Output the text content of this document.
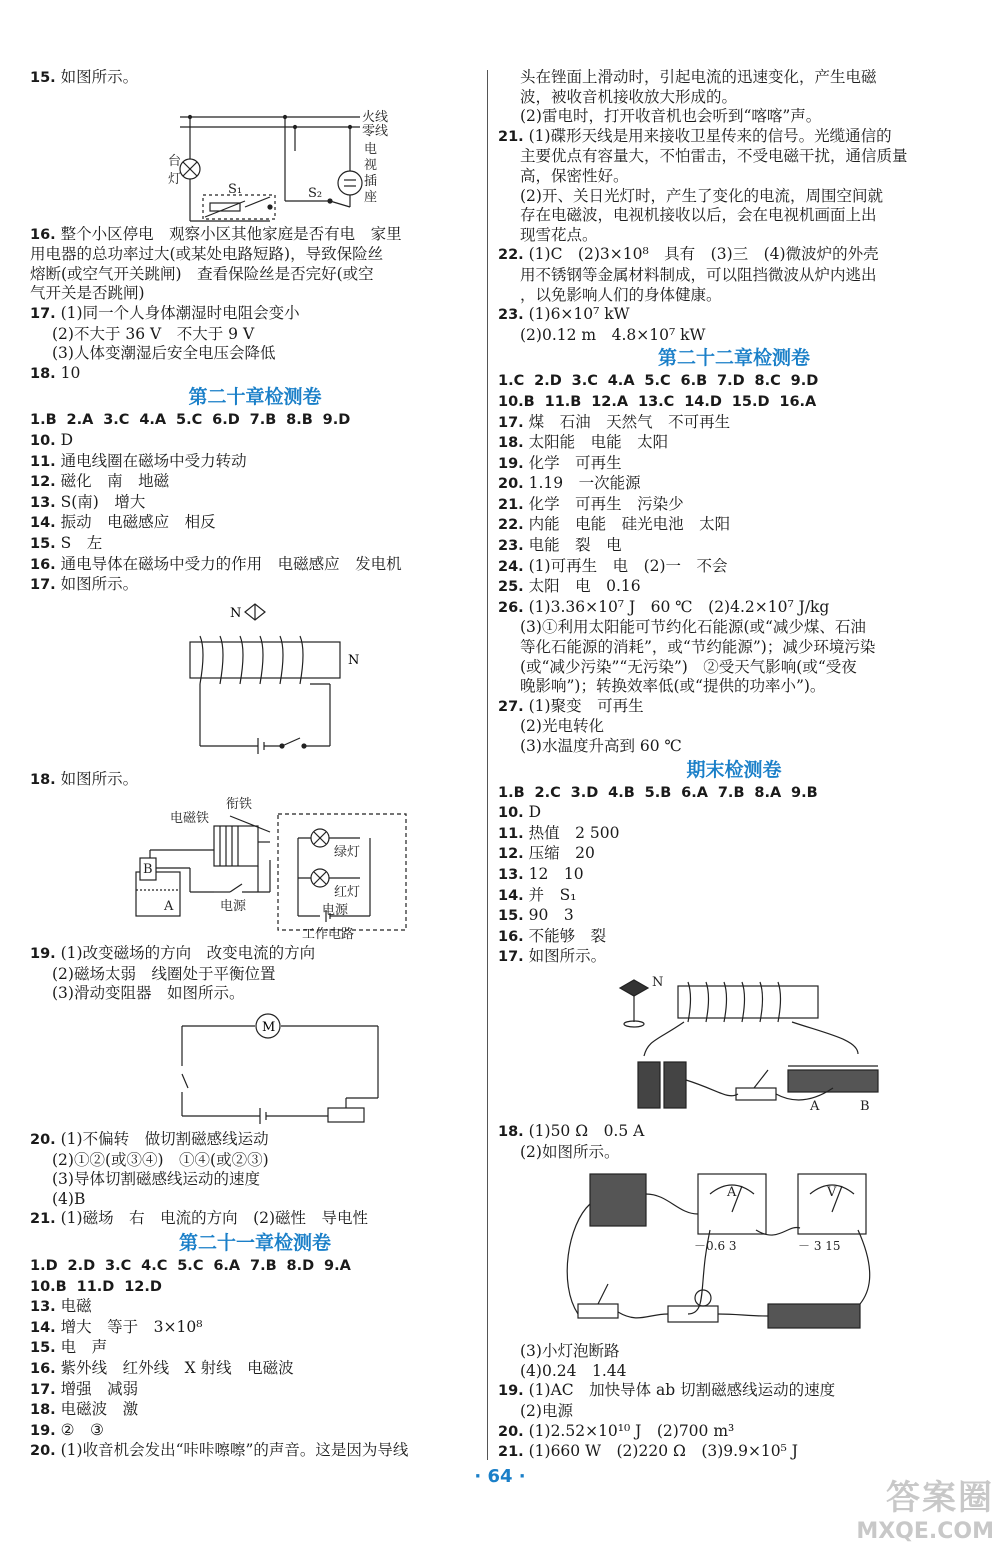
15. 如图所示。
火线
零线
电
视
插
座
台
灯
S₁	S₂
16. 整个小区停电　观察小区其他家庭是否有电　家里
用电器的总功率过大(或某处电路短路)，导致保险丝
熔断(或空气开关跳闸)　查看保险丝是否完好(或空
气开关是否跳闸)
17. (1)同一个人身体潮湿时电阻会变小
(2)不大于 36 V　不大于 9 V
(3)人体变潮湿后安全电压会降低
18. 10
第二十章检测卷
1.B 2.A 3.C 4.A 5.C 6.D 7.B 8.B 9.D
10. D
11. 通电线圈在磁场中受力转动
12. 磁化　南　地磁
13. S(南)　增大
14. 振动　电磁感应　相反
15. S　左
16. 通电导体在磁场中受力的作用　电磁感应　发电机
17. 如图所示。
N
N
18. 如图所示。
衔铁
电磁铁
绿灯
红灯
电源	电源
工作电路
B
A
19. (1)改变磁场的方向　改变电流的方向
(2)磁场太弱　线圈处于平衡位置
(3)滑动变阻器　如图所示。
M
20. (1)不偏转　做切割磁感线运动
(2)①②(或③④)　①④(或②③)
(3)导体切割磁感线运动的速度
(4)B
21. (1)磁场　右　电流的方向　(2)磁性　导电性
第二十一章检测卷
1.D 2.D 3.C 4.C 5.C 6.A 7.B 8.D 9.A
10.B 11.D 12.D
13. 电磁
14. 增大　等于　3×10⁸
15. 电　声
16. 紫外线　红外线　X 射线　电磁波
17. 增强　减弱
18. 电磁波　激
19. ②　③
20. (1)收音机会发出“咔咔嚓嚓”的声音。这是因为导线
头在锉面上滑动时，引起电流的迅速变化，产生电磁
波，被收音机接收放大形成的。
(2)雷电时，打开收音机也会听到“喀喀”声。
21. (1)碟形天线是用来接收卫星传来的信号。光缆通信的
主要优点有容量大，不怕雷击，不受电磁干扰，通信质量
高，保密性好。
(2)开、关日光灯时，产生了变化的电流，周围空间就
存在电磁波，电视机接收以后，会在电视机画面上出
现雪花点。
22. (1)C　(2)3×10⁸　具有　(3)三　(4)微波炉的外壳
用不锈钢等金属材料制成，可以阻挡微波从炉内逃出
，以免影响人们的身体健康。
23. (1)6×10⁷ kW
(2)0.12 m　4.8×10⁷ kW
第二十二章检测卷
1.C 2.D 3.C 4.A 5.C 6.B 7.D 8.C 9.D
10.B 11.B 12.A 13.C 14.D 15.D 16.A
17. 煤　石油　天然气　不可再生
18. 太阳能　电能　太阳
19. 化学　可再生
20. 1.19　一次能源
21. 化学　可再生　污染少
22. 内能　电能　硅光电池　太阳
23. 电能　裂　电
24. (1)可再生　电　(2)一　不会
25. 太阳　电　0.16
26. (1)3.36×10⁷ J　60 ℃　(2)4.2×10⁷ J/kg
(3)①利用太阳能可节约化石能源(或“减少煤、石油
等化石能源的消耗”，或“节约能源”)；减少环境污染
(或“减少污染”“无污染”)　②受天气影响(或“受夜
晚影响”)；转换效率低(或“提供的功率小”)。
27. (1)聚变　可再生
(2)光电转化
(3)水温度升高到 60 ℃
期末检测卷
1.B 2.C 3.D 4.B 5.B 6.A 7.B 8.A 9.B
10. D
11. 热值　2 500
12. 压缩　20
13. 12　10
14. 并　S₁
15. 90　3
16. 不能够　裂
17. 如图所示。
N
A	B
18. (1)50 Ω　0.5 A
(2)如图所示。
A	V
－0.6 3	－ 3 15
(3)小灯泡断路
(4)0.24　1.44
19. (1)AC　加快导体 ab 切割磁感线运动的速度
(2)电源
20. (1)2.52×10¹⁰ J　(2)700 m³
21. (1)660 W　(2)220 Ω　(3)9.9×10⁵ J
· 64 ·
答案圈
MXQE.COM
